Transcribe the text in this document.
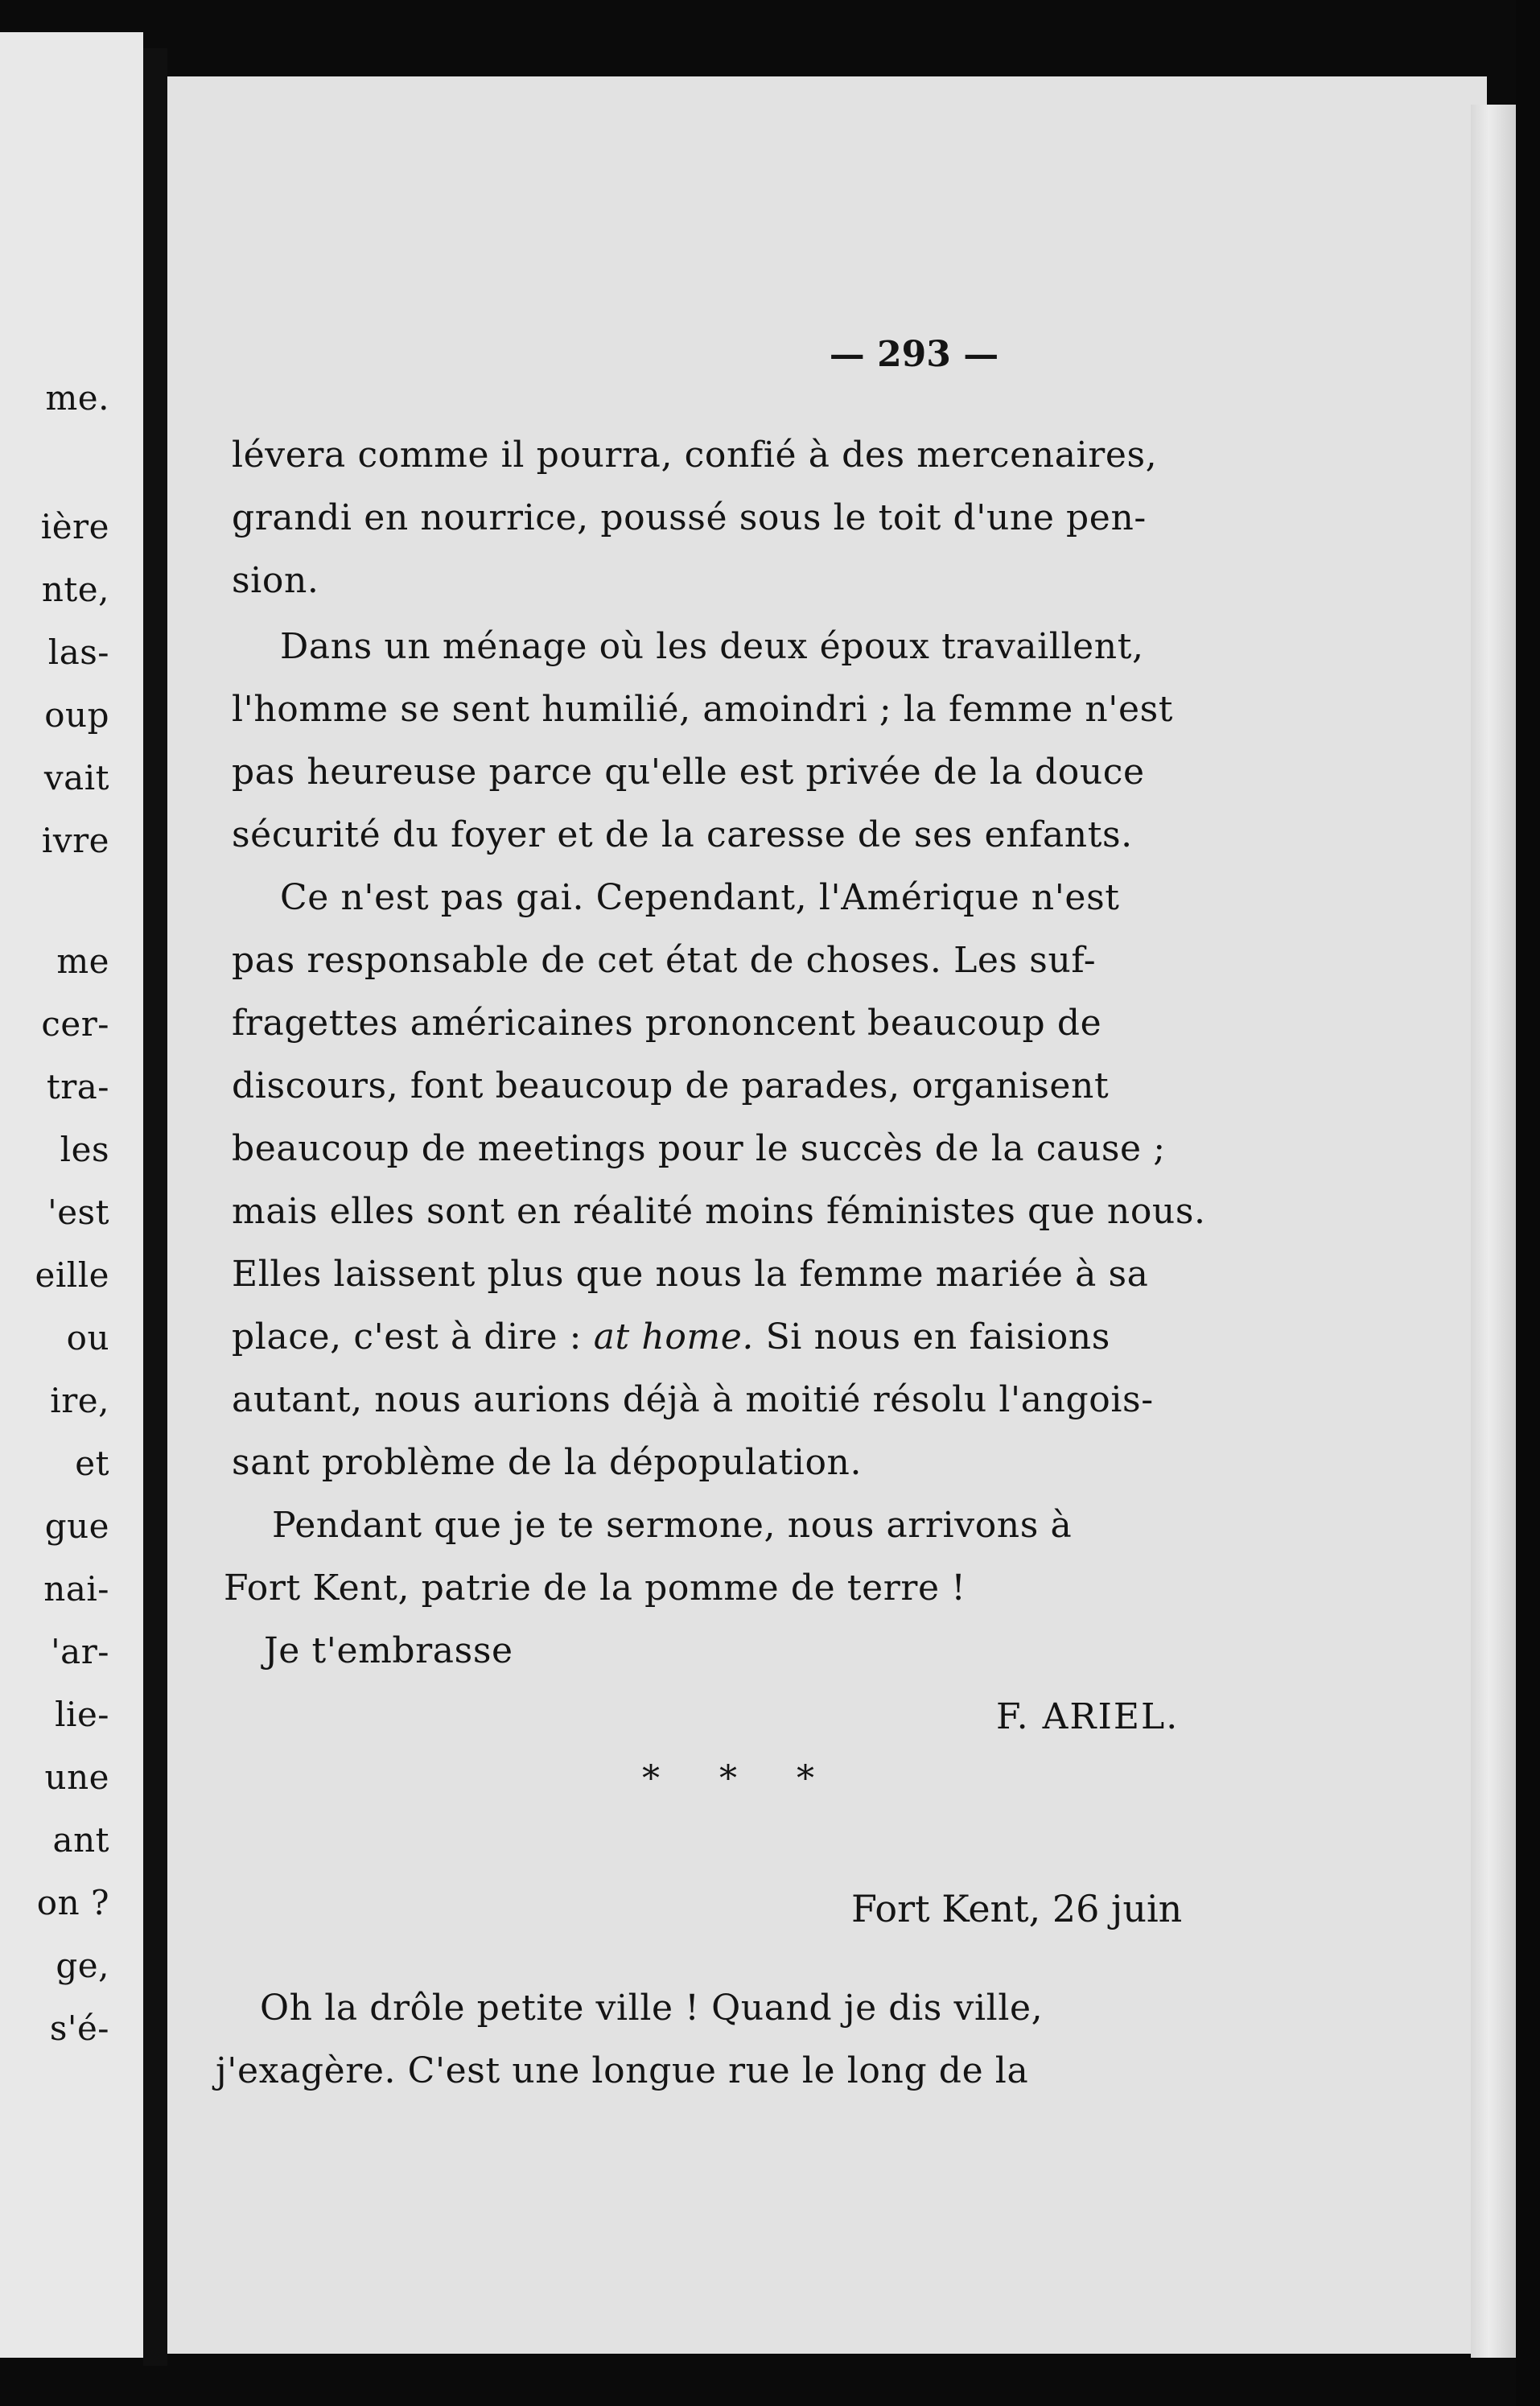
me.
ière
nte,
las-
oup
vait
ivre
me
cer-
tra-
les
'est
eille
ou
ire,
et
gue
nai-
'ar-
lie-
une
ant
on ?
ge,
s'é-
— 293 —
lévera comme il pourra, confié à des mercenaires,
grandi en nourrice, poussé sous le toit d'une pen-
sion.
Dans un ménage où les deux époux travaillent,
l'homme se sent humilié, amoindri ; la femme n'est
pas heureuse parce qu'elle est privée de la douce
sécurité du foyer et de la caresse de ses enfants.
Ce n'est pas gai. Cependant, l'Amérique n'est
pas responsable de cet état de choses. Les suf-
fragettes américaines prononcent beaucoup de
discours, font beaucoup de parades, organisent
beaucoup de meetings pour le succès de la cause ;
mais elles sont en réalité moins féministes que nous.
Elles laissent plus que nous la femme mariée à sa
place, c'est à dire : at home. Si nous en faisions
autant, nous aurions déjà à moitié résolu l'angois-
sant problème de la dépopulation.
Pendant que je te sermone, nous arrivons à
Fort Kent, patrie de la pomme de terre !
Je t'embrasse
F. ARIEL.
* * *
Fort Kent, 26 juin
Oh la drôle petite ville ! Quand je dis ville,
j'exagère. C'est une longue rue le long de la
